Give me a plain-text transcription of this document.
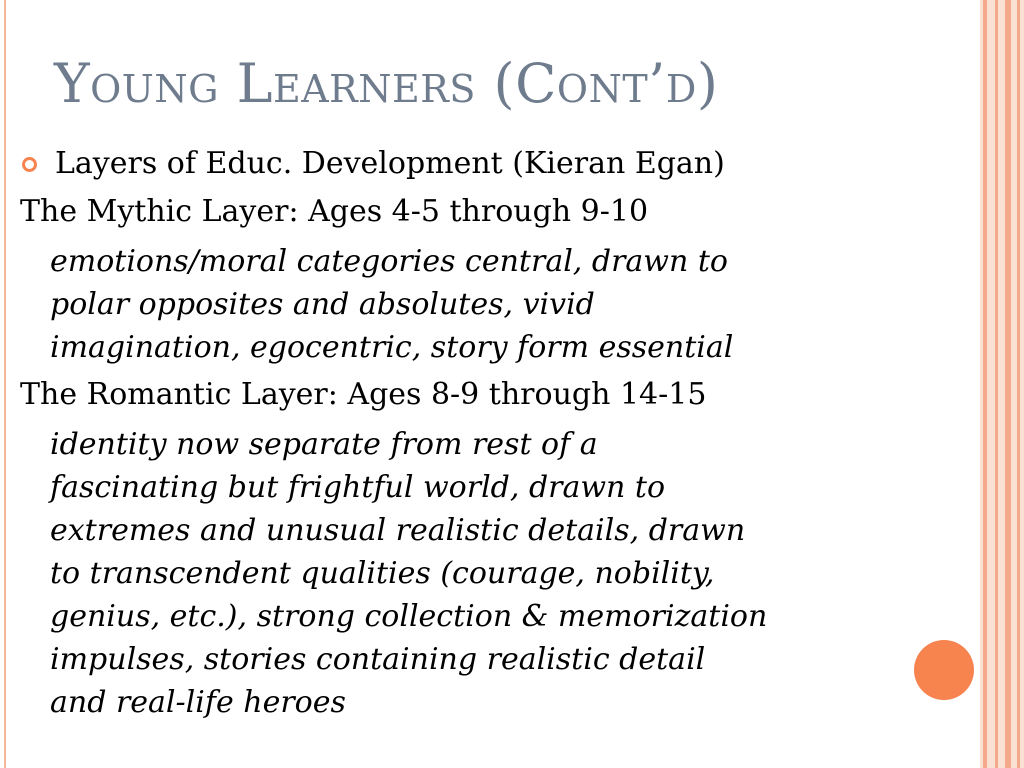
Young Learners (Cont’d)
Layers of Educ. Development (Kieran Egan)
The Mythic Layer: Ages 4-5 through 9-10
emotions/moral categories central, drawn to
polar opposites and absolutes, vivid
imagination, egocentric, story form essential
The Romantic Layer: Ages 8-9 through 14-15
identity now separate from rest of a
fascinating but frightful world, drawn to
extremes and unusual realistic details, drawn
to transcendent qualities (courage, nobility,
genius, etc.), strong collection & memorization
impulses, stories containing realistic detail
and real-life heroes
